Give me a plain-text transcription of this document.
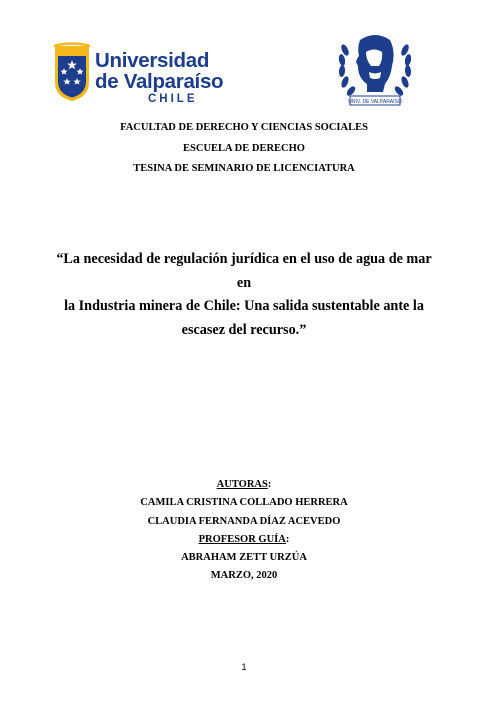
Universidad
de Valparaíso
CHILE	UNIV. DE VALPARAÍSO
FACULTAD DE DERECHO Y CIENCIAS SOCIALES
ESCUELA DE DERECHO
TESINA DE SEMINARIO DE LICENCIATURA
“La necesidad de regulación jurídica en el uso de agua de mar en
la Industria minera de Chile: Una salida sustentable ante la
escasez del recurso.”
AUTORAS:
CAMILA CRISTINA COLLADO HERRERA
CLAUDIA FERNANDA DÍAZ ACEVEDO
PROFESOR GUÍA:
ABRAHAM ZETT URZÚA
MARZO, 2020
1
